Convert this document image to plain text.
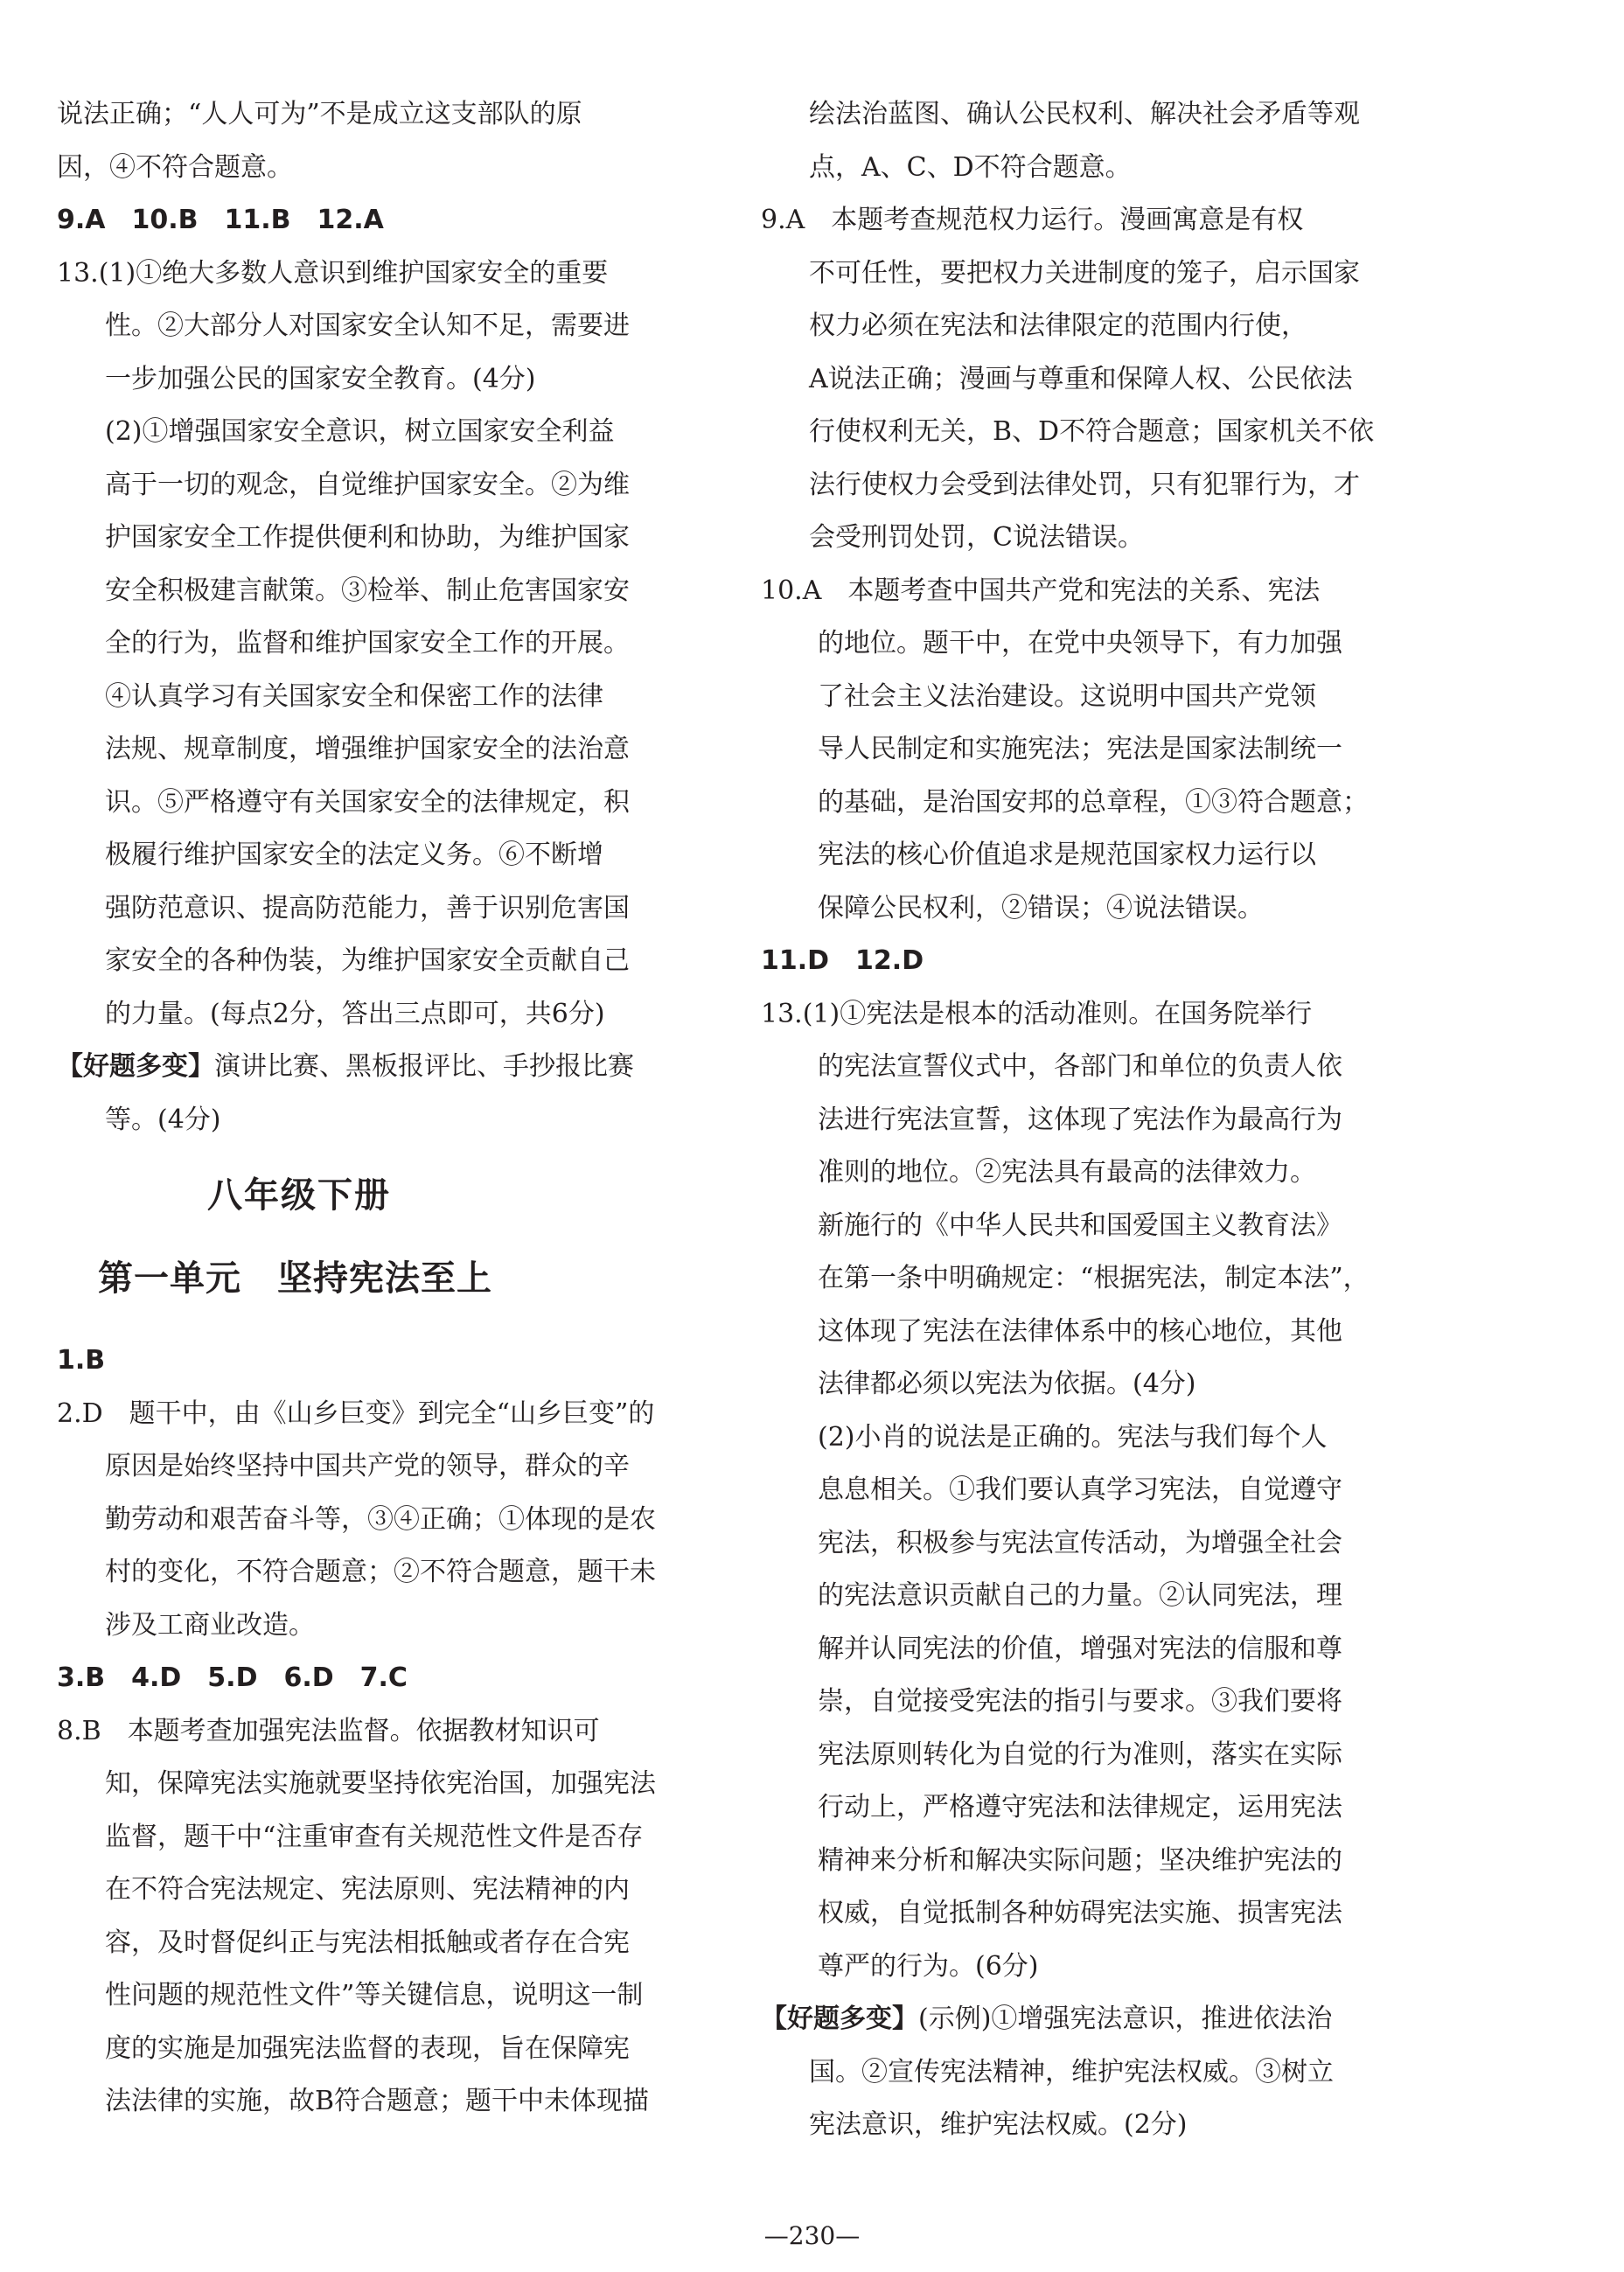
说法正确；“人人可为”不是成立这支部队的原
因，④不符合题意。
9.A　10.B　11.B　12.A
13.(1)①绝大多数人意识到维护国家安全的重要
性。②大部分人对国家安全认知不足，需要进
一步加强公民的国家安全教育。(4分)
(2)①增强国家安全意识，树立国家安全利益
高于一切的观念，自觉维护国家安全。②为维
护国家安全工作提供便利和协助，为维护国家
安全积极建言献策。③检举、制止危害国家安
全的行为，监督和维护国家安全工作的开展。
④认真学习有关国家安全和保密工作的法律
法规、规章制度，增强维护国家安全的法治意
识。⑤严格遵守有关国家安全的法律规定，积
极履行维护国家安全的法定义务。⑥不断增
强防范意识、提高防范能力，善于识别危害国
家安全的各种伪装，为维护国家安全贡献自己
的力量。(每点2分，答出三点即可，共6分)
【好题多变】演讲比赛、黑板报评比、手抄报比赛
等。(4分)
1.B
2.D　题干中，由《山乡巨变》到完全“山乡巨变”的
原因是始终坚持中国共产党的领导，群众的辛
勤劳动和艰苦奋斗等，③④正确；①体现的是农
村的变化，不符合题意；②不符合题意，题干未
涉及工商业改造。
3.B　4.D　5.D　6.D　7.C
8.B　本题考查加强宪法监督。依据教材知识可
知，保障宪法实施就要坚持依宪治国，加强宪法
监督，题干中“注重审查有关规范性文件是否存
在不符合宪法规定、宪法原则、宪法精神的内
容，及时督促纠正与宪法相抵触或者存在合宪
性问题的规范性文件”等关键信息，说明这一制
度的实施是加强宪法监督的表现，旨在保障宪
法法律的实施，故B符合题意；题干中未体现描
绘法治蓝图、确认公民权利、解决社会矛盾等观
点，A、C、D不符合题意。
9.A　本题考查规范权力运行。漫画寓意是有权
不可任性，要把权力关进制度的笼子，启示国家
权力必须在宪法和法律限定的范围内行使，
A说法正确；漫画与尊重和保障人权、公民依法
行使权利无关，B、D不符合题意；国家机关不依
法行使权力会受到法律处罚，只有犯罪行为，才
会受刑罚处罚，C说法错误。
10.A　本题考查中国共产党和宪法的关系、宪法
的地位。题干中，在党中央领导下，有力加强
了社会主义法治建设。这说明中国共产党领
导人民制定和实施宪法；宪法是国家法制统一
的基础，是治国安邦的总章程，①③符合题意；
宪法的核心价值追求是规范国家权力运行以
保障公民权利，②错误；④说法错误。
11.D　12.D
13.(1)①宪法是根本的活动准则。在国务院举行
的宪法宣誓仪式中，各部门和单位的负责人依
法进行宪法宣誓，这体现了宪法作为最高行为
准则的地位。②宪法具有最高的法律效力。
新施行的《中华人民共和国爱国主义教育法》
在第一条中明确规定：“根据宪法，制定本法”，
这体现了宪法在法律体系中的核心地位，其他
法律都必须以宪法为依据。(4分)
(2)小肖的说法是正确的。宪法与我们每个人
息息相关。①我们要认真学习宪法，自觉遵守
宪法，积极参与宪法宣传活动，为增强全社会
的宪法意识贡献自己的力量。②认同宪法，理
解并认同宪法的价值，增强对宪法的信服和尊
崇，自觉接受宪法的指引与要求。③我们要将
宪法原则转化为自觉的行为准则，落实在实际
行动上，严格遵守宪法和法律规定，运用宪法
精神来分析和解决实际问题；坚决维护宪法的
权威，自觉抵制各种妨碍宪法实施、损害宪法
尊严的行为。(6分)
【好题多变】(示例)①增强宪法意识，推进依法治
国。②宣传宪法精神，维护宪法权威。③树立
宪法意识，维护宪法权威。(2分)
八年级下册
第一单元　坚持宪法至上
—230—
